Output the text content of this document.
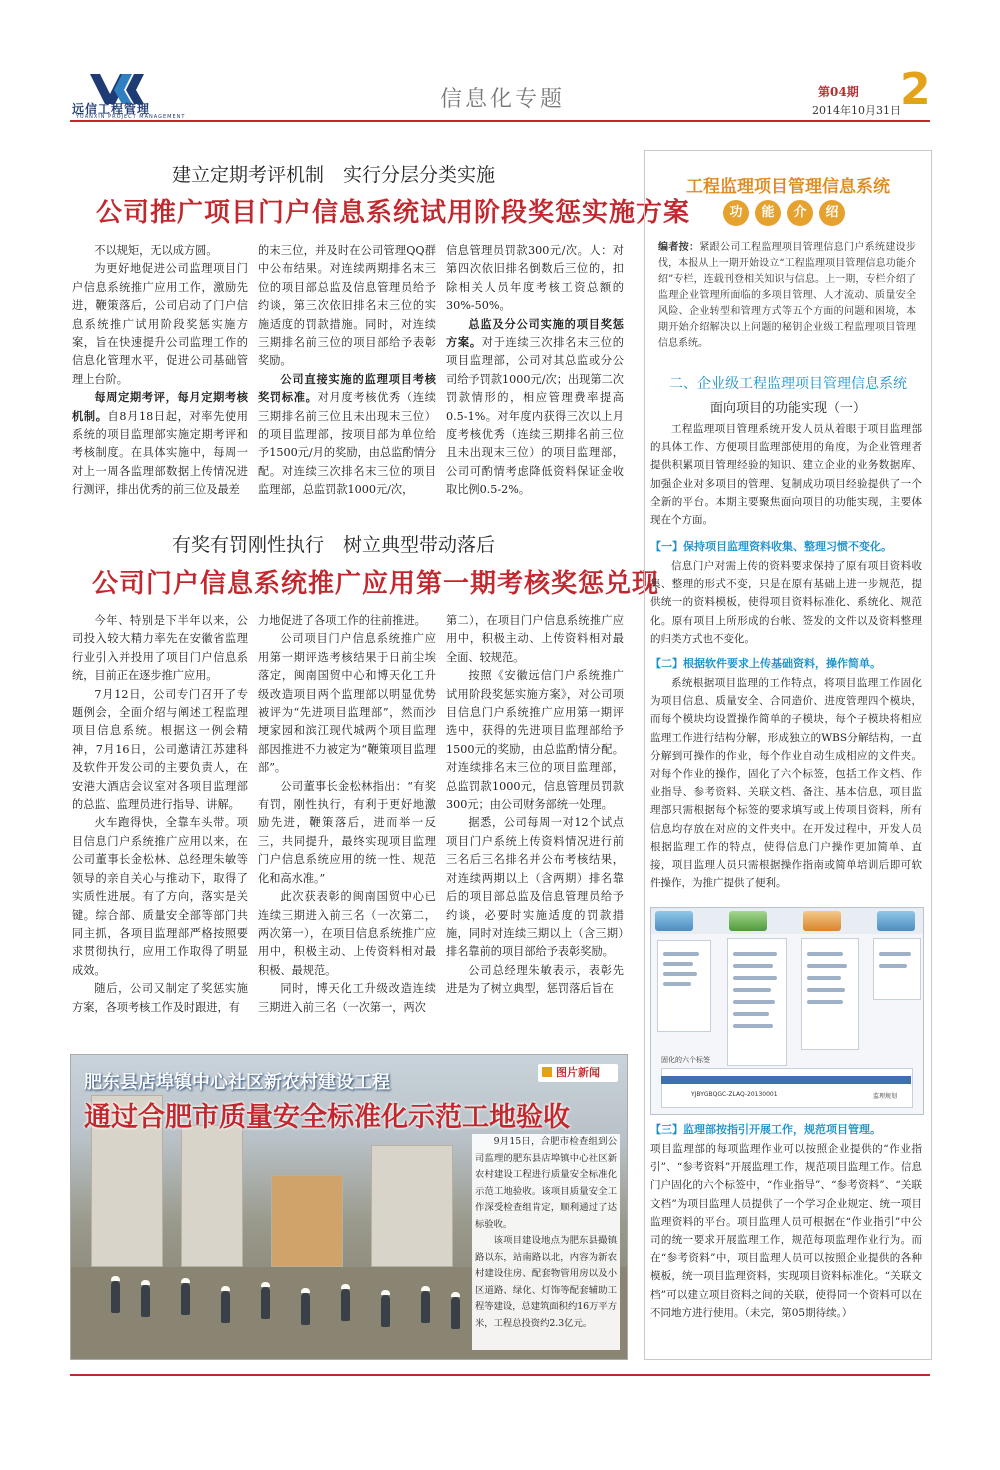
远信工程管理
YUANXIN PROJECT MANAGEMENT
信息化专题	第04期
2014年10月31日 2
建立定期考评机制　实行分层分类实施
公司推广项目门户信息系统试用阶段奖惩实施方案

不以规矩，无以成方圆。

为更好地促进公司监理项目门户信息系统推广应用工作，激励先进，鞭策落后，公司启动了门户信息系统推广试用阶段奖惩实施方案，旨在快速提升公司监理工作的信息化管理水平，促进公司基础管理上台阶。

每周定期考评，每月定期考核机制。自8月18日起，对率先使用系统的项目监理部实施定期考评和考核制度。在具体实施中，每周一对上一周各监理部数据上传情况进行测评，排出优秀的前三位及最差

的末三位，并及时在公司管理QQ群中公布结果。对连续两期排名末三位的项目部总监及信息管理员给予约谈，第三次依旧排名末三位的实施适度的罚款措施。同时，对连续三期排名前三位的项目部给予表彰奖励。

公司直接实施的监理项目考核奖罚标准。对月度考核优秀（连续三期排名前三位且未出现末三位）的项目监理部，按项目部为单位给予1500元/月的奖励，由总监酌情分配。对连续三次排名末三位的项目监理部，总监罚款1000元/次，

信息管理员罚款300元/次。人：对第四次依旧排名倒数后三位的，扣除相关人员年度考核工资总额的30%-50%。

总监及分公司实施的项目奖惩方案。对于连续三次排名末三位的项目监理部，公司对其总监或分公司给予罚款1000元/次；出现第二次罚款情形的，相应管理费率提高0.5-1%。对年度内获得三次以上月度考核优秀（连续三期排名前三位且未出现末三位）的项目监理部，公司可酌情考虑降低资料保证金收取比例0.5-2%。

有奖有罚刚性执行　树立典型带动落后
公司门户信息系统推广应用第一期考核奖惩兑现

今年、特别是下半年以来，公司投入较大精力率先在安徽省监理行业引入并投用了项目门户信息系统，目前正在逐步推广应用。

7月12日，公司专门召开了专题例会，全面介绍与阐述工程监理项目信息系统。根据这一例会精神，7月16日，公司邀请江苏建科及软件开发公司的主要负责人，在安港大酒店会议室对各项目监理部的总监、监理员进行指导、讲解。

火车跑得快，全靠车头带。项目信息门户系统推广应用以来，在公司董事长金松林、总经理朱敏等领导的亲自关心与推动下，取得了实质性进展。有了方向，落实是关键。综合部、质量安全部等部门共同主抓，各项目监理部严格按照要求贯彻执行，应用工作取得了明显成效。

随后，公司又制定了奖惩实施方案，各项考核工作及时跟进，有

力地促进了各项工作的往前推进。

公司项目门户信息系统推广应用第一期评选考核结果于日前尘埃落定，闽南国贸中心和博天化工升级改造项目两个监理部以明显优势被评为“先进项目监理部”，然而沙埂家园和滨江现代城两个项目监理部因推进不力被定为“鞭策项目监理部”。

公司董事长金松林指出：“有奖有罚，刚性执行，有利于更好地激励先进，鞭策落后，进而举一反三，共同提升，最终实现项目监理门户信息系统应用的统一性、规范化和高水准。”

此次获表彰的闽南国贸中心已连续三期进入前三名（一次第二，两次第一），在项目信息系统推广应用中，积极主动、上传资料相对最积极、最规范。

同时，博天化工升级改造连续三期进入前三名（一次第一，两次

第二），在项目门户信息系统推广应用中，积极主动、上传资料相对最全面、较规范。

按照《安徽远信门户系统推广试用阶段奖惩实施方案》，对公司项目信息门户系统推广应用第一期评选中，获得的先进项目监理部给予1500元的奖励，由总监酌情分配。对连续排名末三位的项目监理部，总监罚款1000元，信息管理员罚款300元；由公司财务部统一处理。

据悉，公司每周一对12个试点项目门户系统上传资料情况进行前三名后三名排名并公布考核结果，对连续两期以上（含两期）排名靠后的项目部总监及信息管理员给予约谈，必要时实施适度的罚款措施，同时对连续三期以上（含三期）排名靠前的项目部给予表彰奖励。

公司总经理朱敏表示，表彰先进是为了树立典型，惩罚落后旨在

肥东县店埠镇中心社区新农村建设工程
通过合肥市质量安全标准化示范工地验收
图片新闻

9月15日，合肥市检查组到公司监理的肥东县店埠镇中心社区新农村建设工程进行质量安全标准化示范工地验收。该项目质量安全工作深受检查组肯定，顺利通过了达标验收。

该项目建设地点为肥东县撮镇路以东，站南路以北，内容为新农村建设住房、配套物管用房以及小区道路、绿化、灯饰等配套辅助工程等建设，总建筑面积约16万平方米，工程总投资约2.3亿元。

工程监理项目管理信息系统
功 能 介 绍
编者按：紧跟公司工程监理项目管理信息门户系统建设步伐，本报从上一期开始设立“工程监理项目管理信息功能介绍”专栏，连载刊登相关知识与信息。上一期，专栏介绍了监理企业管理所面临的多项目管理、人才流动、质量安全风险、企业转型和管理方式等五个方面的问题和困境，本期开始介绍解决以上问题的秘钥企业级工程监理项目管理信息系统。
二、企业级工程监理项目管理信息系统
面向项目的功能实现（一）

工程监理项目管理系统开发人员从着眼于项目监理部的具体工作、方便项目监理部使用的角度，为企业管理者提供积累项目管理经验的知识、建立企业的业务数据库、加强企业对多项目的管理、复制成功项目经验提供了一个全新的平台。本期主要聚焦面向项目的功能实现，主要体现在个方面。

【一】保持项目监理资料收集、整理习惯不变化。

信息门户对需上传的资料要求保持了原有项目资料收集、整理的形式不变，只是在原有基础上进一步规范，提供统一的资料模板，使得项目资料标准化、系统化、规范化。原有项目上所形成的台帐、签发的文件以及资料整理的归类方式也不变化。

【二】根据软件要求上传基础资料，操作简单。

系统根据项目监理的工作特点，将项目监理工作固化为项目信息、质量安全、合同造价、进度管理四个模块，而每个模块均设置操作简单的子模块，每个子模块将相应监理工作进行结构分解，形成独立的WBS分解结构，一直分解到可操作的作业，每个作业自动生成相应的文件夹。对每个作业的操作，固化了六个标签，包括工作文档、作业指导、参考资料、关联文档、备注、基本信息，项目监理部只需根据每个标签的要求填写或上传项目资料，所有信息均存放在对应的文件夹中。在开发过程中，开发人员根据监理工作的特点，使得信息门户操作更加简单、直接，项目监理人员只需根据操作指南或简单培训后即可软件操作，为推广提供了便利。

固化的六个标签
YJBYGBQGC-ZLAQ-20130001	监理规划
【三】监理部按指引开展工作，规范项目管理。

项目监理部的每项监理作业可以按照企业提供的“作业指引”、“参考资料”开展监理工作，规范项目监理工作。信息门户固化的六个标签中，“作业指导”、“参考资料”、“关联文档”为项目监理人员提供了一个学习企业规定、统一项目监理资料的平台。项目监理人员可根据在“作业指引”中公司的统一要求开展监理工作，规范每项监理作业行为。而在“参考资料”中，项目监理人员可以按照企业提供的各种模板，统一项目监理资料，实现项目资料标准化。“关联文档”可以建立项目资料之间的关联，使得同一个资料可以在不同地方进行使用。（未完，第05期待续。）
